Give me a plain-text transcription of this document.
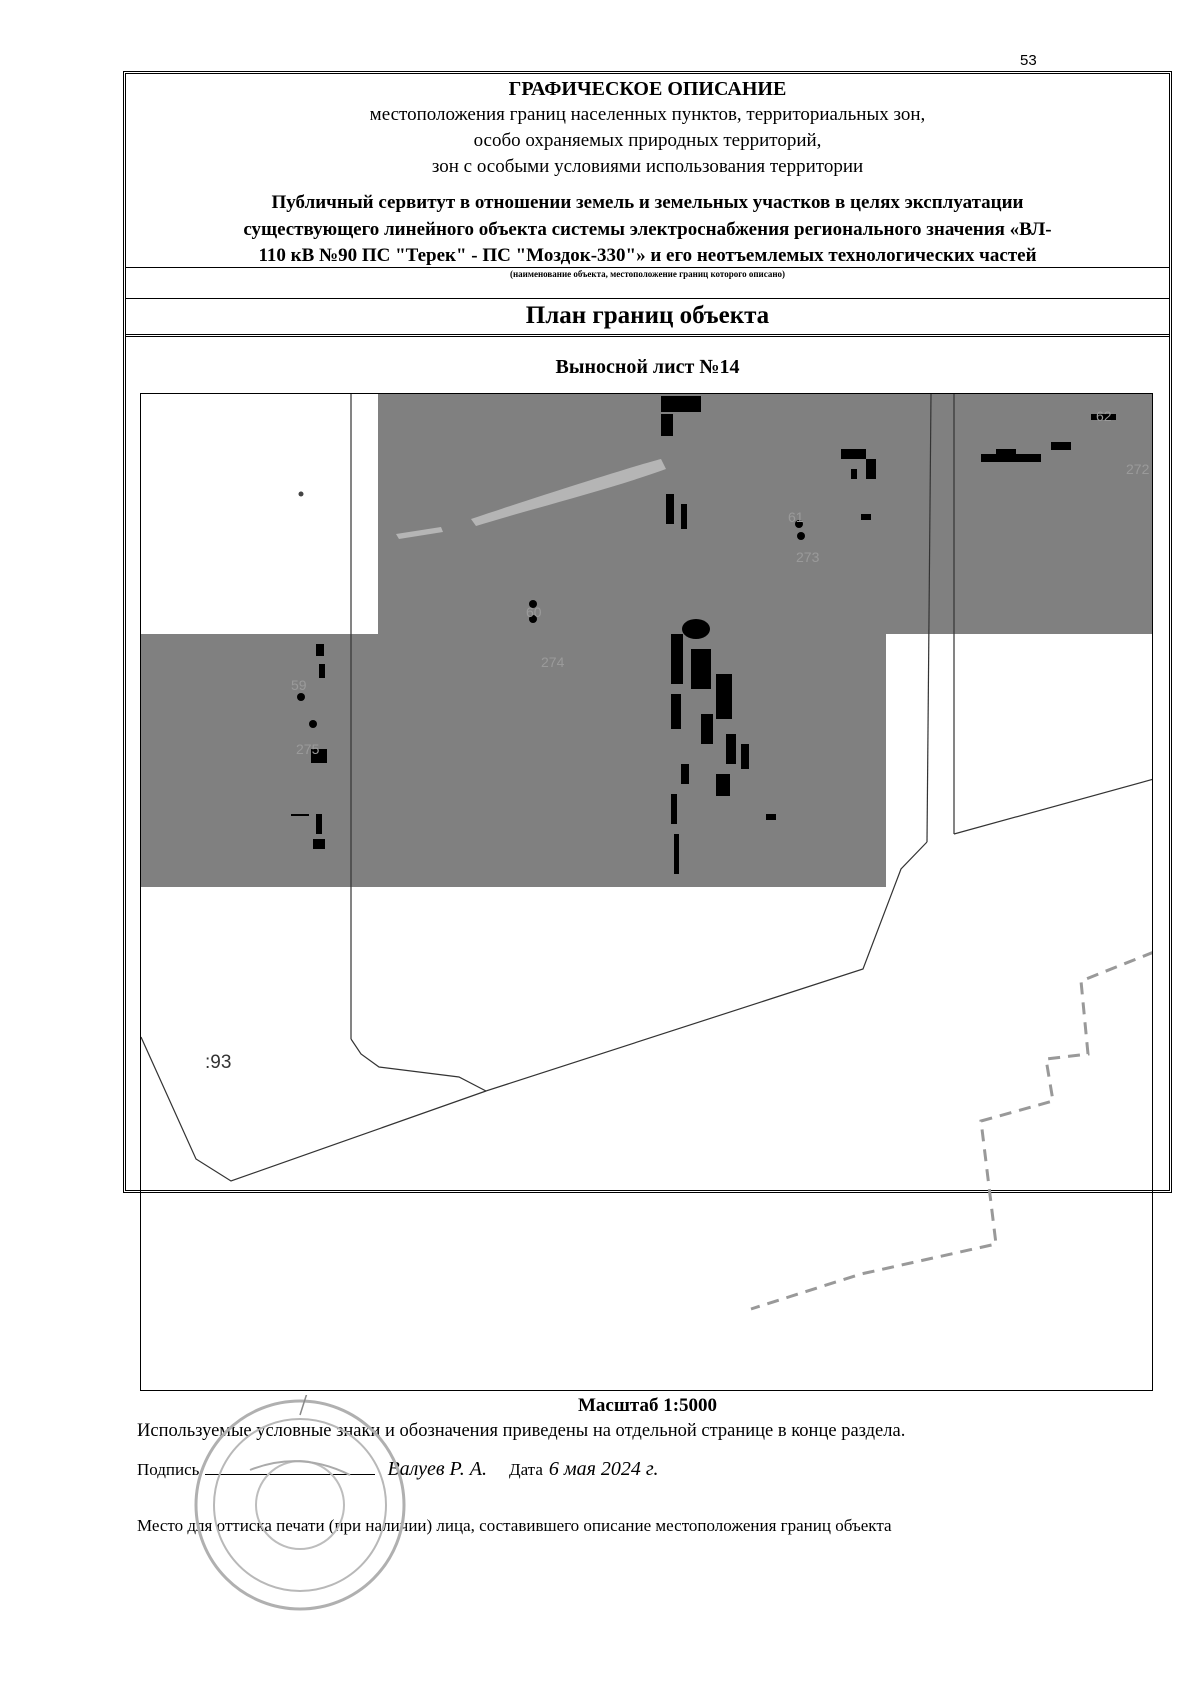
53
ГРАФИЧЕСКОЕ ОПИСАНИЕ
местоположения границ населенных пунктов, территориальных зон,
особо охраняемых природных территорий,
зон с особыми условиями использования территории
Публичный сервитут в отношении земель и земельных участков в целях эксплуатации
существующего линейного объекта системы электроснабжения регионального значения «ВЛ-
110 кВ №90 ПС "Терек" - ПС "Моздок-330"» и его неотъемлемых технологических частей
(наименование объекта, местоположение границ которого описано)
План границ объекта
Выносной лист №14
59
275
60
274
61
273
62
272
:93
Масштаб 1:5000
Используемые условные знаки и обозначения приведены на отдельной странице в конце раздела.
Подпись	Валуев Р. А. Дата 6 мая 2024 г.
Место для оттиска печати (при наличии) лица, составившего описание местоположения границ объекта
